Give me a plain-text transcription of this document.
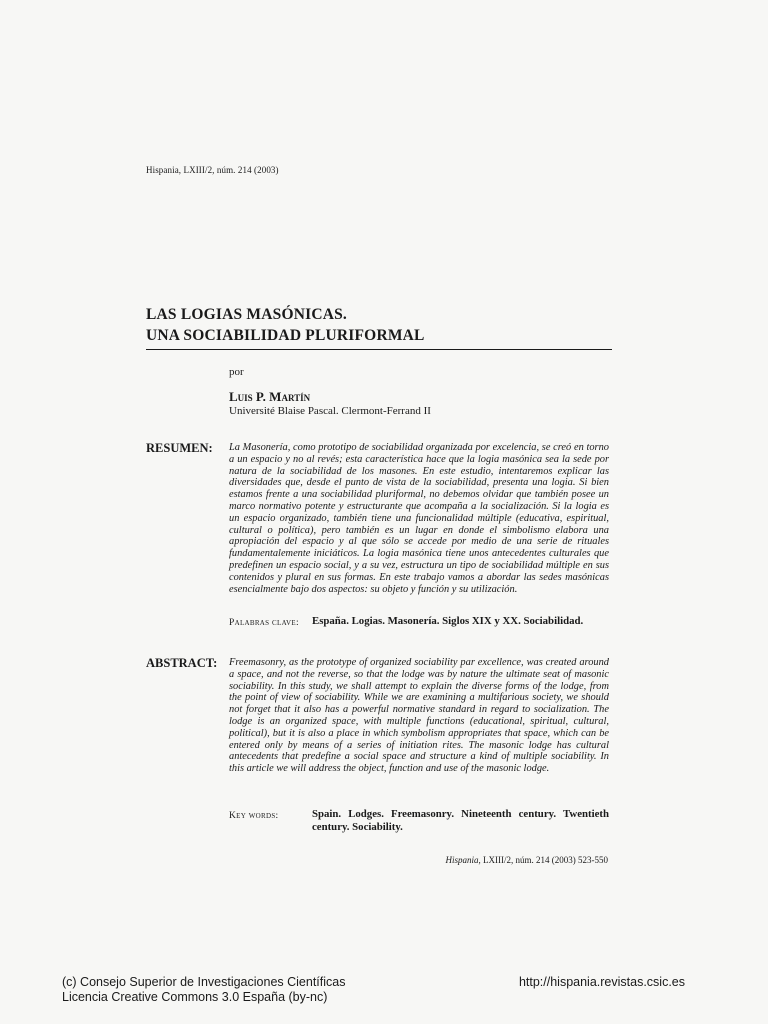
Hispania, LXIII/2, núm. 214 (2003)
LAS LOGIAS MASÓNICAS.
UNA SOCIABILIDAD PLURIFORMAL
por
Luis P. Martín
Université Blaise Pascal. Clermont-Ferrand II
RESUMEN: La Masonería, como prototipo de sociabilidad organizada por excelencia, se creó en torno a un espacio y no al revés; esta característica hace que la logia masónica sea la sede por natura de la sociabilidad de los masones. En este estudio, intentaremos explicar las diversidades que, desde el punto de vista de la sociabilidad, presenta una logia. Si bien estamos frente a una sociabilidad pluriformal, no debemos olvidar que también posee un marco normativo potente y estructurante que acompaña a la socialización. Si la logia es un espacio organizado, también tiene una funcionalidad múltiple (educativa, espiritual, cultural o política), pero también es un lugar en donde el simbolismo elabora una apropiación del espacio y al que sólo se accede por medio de una serie de rituales fundamentalemente iniciáticos. La logia masónica tiene unos antecedentes culturales que predefinen un espacio social, y a su vez, estructura un tipo de sociabilidad múltiple en sus contenidos y plural en sus formas. En este trabajo vamos a abordar las sedes masónicas esencialmente bajo dos aspectos: su objeto y función y su utilización.
Palabras clave: España. Logias. Masonería. Siglos XIX y XX. Sociabilidad.
ABSTRACT: Freemasonry, as the prototype of organized sociability par excellence, was created around a space, and not the reverse, so that the lodge was by nature the ultimate seat of masonic sociability. In this study, we shall attempt to explain the diverse forms of the lodge, from the point of view of sociability. While we are examining a multifarious society, we should not forget that it also has a powerful normative standard in regard to socialization. The lodge is an organized space, with multiple functions (educational, spiritual, cultural, political), but it is also a place in which symbolism appropriates that space, which can be entered only by means of a series of initiation rites. The masonic lodge has cultural antecedents that predefine a social space and structure a kind of multiple sociability. In this article we will address the object, function and use of the masonic lodge.
Key words:	Spain. Lodges. Freemasonry. Nineteenth century. Twentieth century. Sociability.
Hispania, LXIII/2, núm. 214 (2003) 523-550
(c) Consejo Superior de Investigaciones Científicas
Licencia Creative Commons 3.0 España (by-nc)
http://hispania.revistas.csic.es
